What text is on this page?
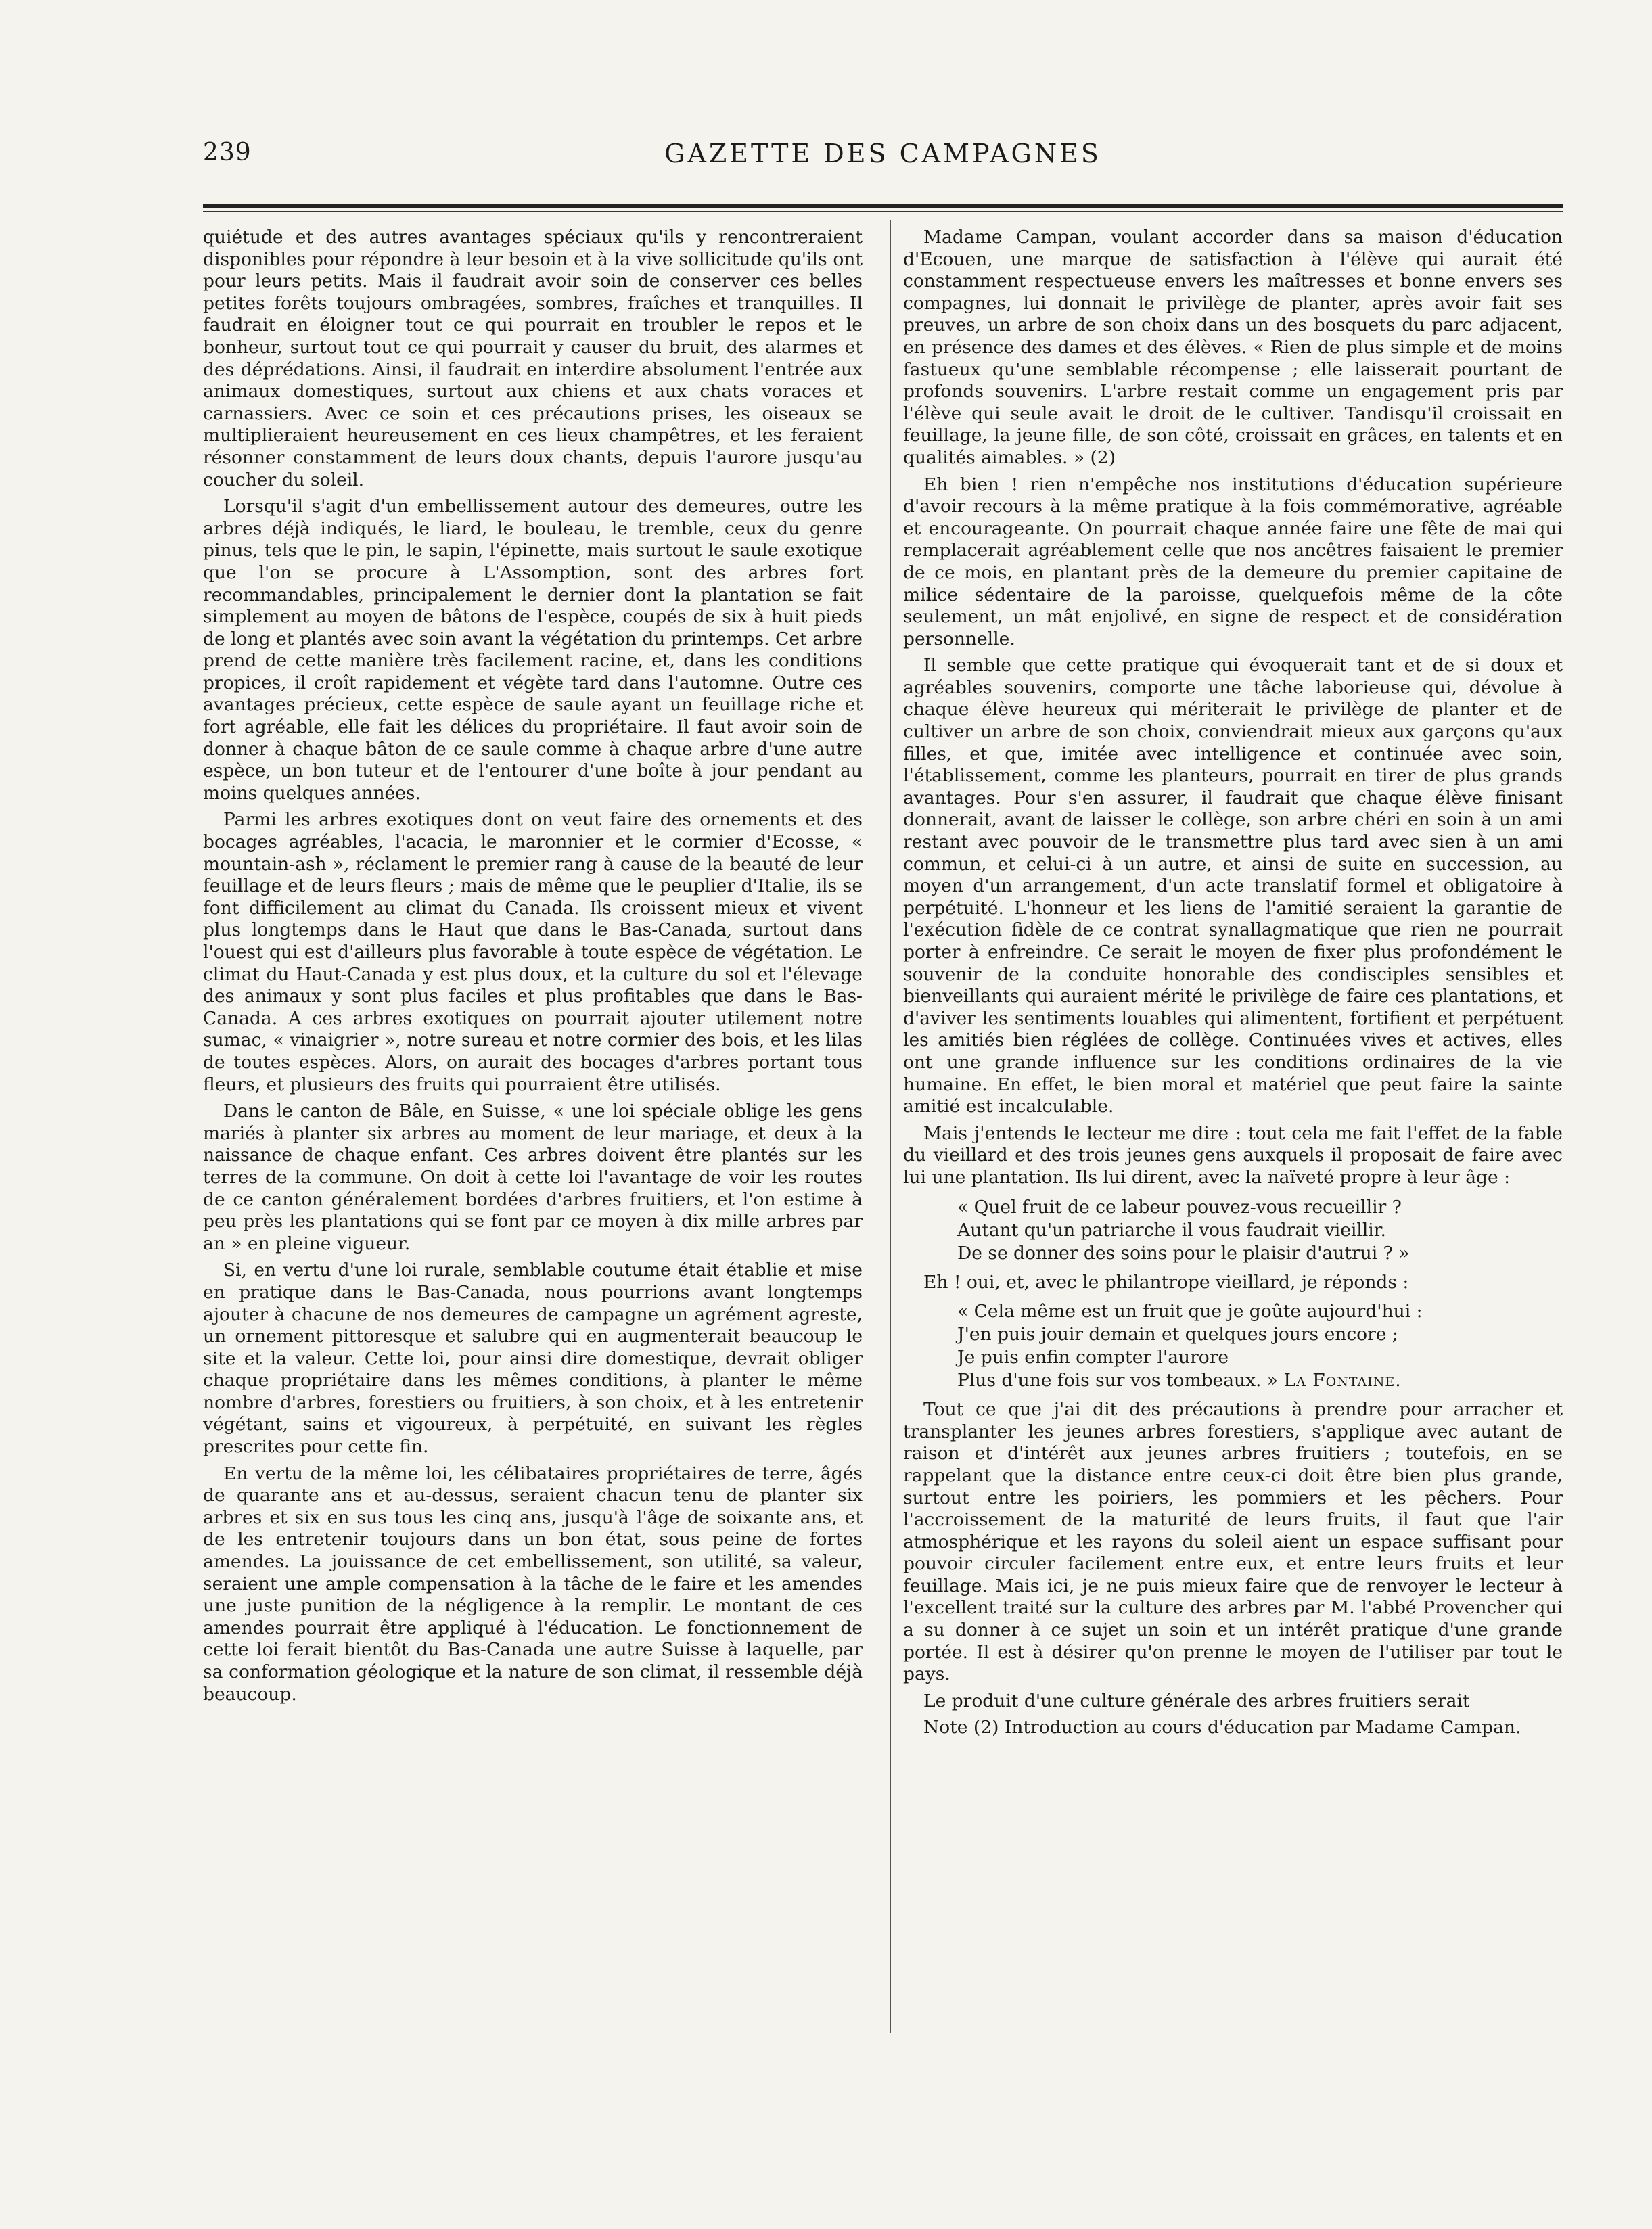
239	GAZETTE DES CAMPAGNES

quiétude et des autres avantages spéciaux qu'ils y rencontreraient disponibles pour répondre à leur besoin et à la vive sollicitude qu'ils ont pour leurs petits. Mais il faudrait avoir soin de conserver ces belles petites forêts toujours ombragées, sombres, fraîches et tranquilles. Il faudrait en éloigner tout ce qui pourrait en troubler le repos et le bonheur, surtout tout ce qui pourrait y causer du bruit, des alarmes et des déprédations. Ainsi, il faudrait en interdire absolument l'entrée aux animaux domestiques, surtout aux chiens et aux chats voraces et carnassiers. Avec ce soin et ces précautions prises, les oiseaux se multiplieraient heureusement en ces lieux champêtres, et les feraient résonner constamment de leurs doux chants, depuis l'aurore jusqu'au coucher du soleil.

Lorsqu'il s'agit d'un embellissement autour des demeures, outre les arbres déjà indiqués, le liard, le bouleau, le tremble, ceux du genre pinus, tels que le pin, le sapin, l'épinette, mais surtout le saule exotique que l'on se procure à L'Assomption, sont des arbres fort recommandables, principalement le dernier dont la plantation se fait simplement au moyen de bâtons de l'espèce, coupés de six à huit pieds de long et plantés avec soin avant la végétation du printemps. Cet arbre prend de cette manière très facilement racine, et, dans les conditions propices, il croît rapidement et végète tard dans l'automne. Outre ces avantages précieux, cette espèce de saule ayant un feuillage riche et fort agréable, elle fait les délices du propriétaire. Il faut avoir soin de donner à chaque bâton de ce saule comme à chaque arbre d'une autre espèce, un bon tuteur et de l'entourer d'une boîte à jour pendant au moins quelques années.

Parmi les arbres exotiques dont on veut faire des ornements et des bocages agréables, l'acacia, le maronnier et le cormier d'Ecosse, « mountain-ash », réclament le premier rang à cause de la beauté de leur feuillage et de leurs fleurs ; mais de même que le peuplier d'Italie, ils se font difficilement au climat du Canada. Ils croissent mieux et vivent plus longtemps dans le Haut que dans le Bas-Canada, surtout dans l'ouest qui est d'ailleurs plus favorable à toute espèce de végétation. Le climat du Haut-Canada y est plus doux, et la culture du sol et l'élevage des animaux y sont plus faciles et plus profitables que dans le Bas-Canada. A ces arbres exotiques on pourrait ajouter utilement notre sumac, « vinaigrier », notre sureau et notre cormier des bois, et les lilas de toutes espèces. Alors, on aurait des bocages d'arbres portant tous fleurs, et plusieurs des fruits qui pourraient être utilisés.

Dans le canton de Bâle, en Suisse, « une loi spéciale oblige les gens mariés à planter six arbres au moment de leur mariage, et deux à la naissance de chaque enfant. Ces arbres doivent être plantés sur les terres de la commune. On doit à cette loi l'avantage de voir les routes de ce canton généralement bordées d'arbres fruitiers, et l'on estime à peu près les plantations qui se font par ce moyen à dix mille arbres par an » en pleine vigueur.

Si, en vertu d'une loi rurale, semblable coutume était établie et mise en pratique dans le Bas-Canada, nous pourrions avant longtemps ajouter à chacune de nos demeures de campagne un agrément agreste, un ornement pittoresque et salubre qui en augmenterait beaucoup le site et la valeur. Cette loi, pour ainsi dire domestique, devrait obliger chaque propriétaire dans les mêmes conditions, à planter le même nombre d'arbres, forestiers ou fruitiers, à son choix, et à les entretenir végétant, sains et vigoureux, à perpétuité, en suivant les règles prescrites pour cette fin.

En vertu de la même loi, les célibataires propriétaires de terre, âgés de quarante ans et au-dessus, seraient chacun tenu de planter six arbres et six en sus tous les cinq ans, jusqu'à l'âge de soixante ans, et de les entretenir toujours dans un bon état, sous peine de fortes amendes. La jouissance de cet embellissement, son utilité, sa valeur, seraient une ample compensation à la tâche de le faire et les amendes une juste punition de la négligence à la remplir. Le montant de ces amendes pourrait être appliqué à l'éducation. Le fonctionnement de cette loi ferait bientôt du Bas-Canada une autre Suisse à laquelle, par sa conformation géologique et la nature de son climat, il ressemble déjà beaucoup.

Madame Campan, voulant accorder dans sa maison d'éducation d'Ecouen, une marque de satisfaction à l'élève qui aurait été constamment respectueuse envers les maîtresses et bonne envers ses compagnes, lui donnait le privilège de planter, après avoir fait ses preuves, un arbre de son choix dans un des bosquets du parc adjacent, en présence des dames et des élèves. « Rien de plus simple et de moins fastueux qu'une semblable récompense ; elle laisserait pourtant de profonds souvenirs. L'arbre restait comme un engagement pris par l'élève qui seule avait le droit de le cultiver. Tandisqu'il croissait en feuillage, la jeune fille, de son côté, croissait en grâces, en talents et en qualités aimables. » (2)

Eh bien ! rien n'empêche nos institutions d'éducation supérieure d'avoir recours à la même pratique à la fois commémorative, agréable et encourageante. On pourrait chaque année faire une fête de mai qui remplacerait agréablement celle que nos ancêtres faisaient le premier de ce mois, en plantant près de la demeure du premier capitaine de milice sédentaire de la paroisse, quelquefois même de la côte seulement, un mât enjolivé, en signe de respect et de considération personnelle.

Il semble que cette pratique qui évoquerait tant et de si doux et agréables souvenirs, comporte une tâche laborieuse qui, dévolue à chaque élève heureux qui mériterait le privilège de planter et de cultiver un arbre de son choix, conviendrait mieux aux garçons qu'aux filles, et que, imitée avec intelligence et continuée avec soin, l'établissement, comme les planteurs, pourrait en tirer de plus grands avantages. Pour s'en assurer, il faudrait que chaque élève finisant donnerait, avant de laisser le collège, son arbre chéri en soin à un ami restant avec pouvoir de le transmettre plus tard avec sien à un ami commun, et celui-ci à un autre, et ainsi de suite en succession, au moyen d'un arrangement, d'un acte translatif formel et obligatoire à perpétuité. L'honneur et les liens de l'amitié seraient la garantie de l'exécution fidèle de ce contrat synallagmatique que rien ne pourrait porter à enfreindre. Ce serait le moyen de fixer plus profondément le souvenir de la conduite honorable des condisciples sensibles et bienveillants qui auraient mérité le privilège de faire ces plantations, et d'aviver les sentiments louables qui alimentent, fortifient et perpétuent les amitiés bien réglées de collège. Continuées vives et actives, elles ont une grande influence sur les conditions ordinaires de la vie humaine. En effet, le bien moral et matériel que peut faire la sainte amitié est incalculable.

Mais j'entends le lecteur me dire : tout cela me fait l'effet de la fable du vieillard et des trois jeunes gens auxquels il proposait de faire avec lui une plantation. Ils lui dirent, avec la naïveté propre à leur âge :

« Quel fruit de ce labeur pouvez-vous recueillir ?
Autant qu'un patriarche il vous faudrait vieillir.
De se donner des soins pour le plaisir d'autrui ? »

Eh ! oui, et, avec le philantrope vieillard, je réponds :

« Cela même est un fruit que je goûte aujourd'hui :
J'en puis jouir demain et quelques jours encore ;
Je puis enfin compter l'aurore
Plus d'une fois sur vos tombeaux. » La Fontaine.

Tout ce que j'ai dit des précautions à prendre pour arracher et transplanter les jeunes arbres forestiers, s'applique avec autant de raison et d'intérêt aux jeunes arbres fruitiers ; toutefois, en se rappelant que la distance entre ceux-ci doit être bien plus grande, surtout entre les poiriers, les pommiers et les pêchers. Pour l'accroissement de la maturité de leurs fruits, il faut que l'air atmosphérique et les rayons du soleil aient un espace suffisant pour pouvoir circuler facilement entre eux, et entre leurs fruits et leur feuillage. Mais ici, je ne puis mieux faire que de renvoyer le lecteur à l'excellent traité sur la culture des arbres par M. l'abbé Provencher qui a su donner à ce sujet un soin et un intérêt pratique d'une grande portée. Il est à désirer qu'on prenne le moyen de l'utiliser par tout le pays.

Le produit d'une culture générale des arbres fruitiers serait

Note (2) Introduction au cours d'éducation par Madame Campan.
